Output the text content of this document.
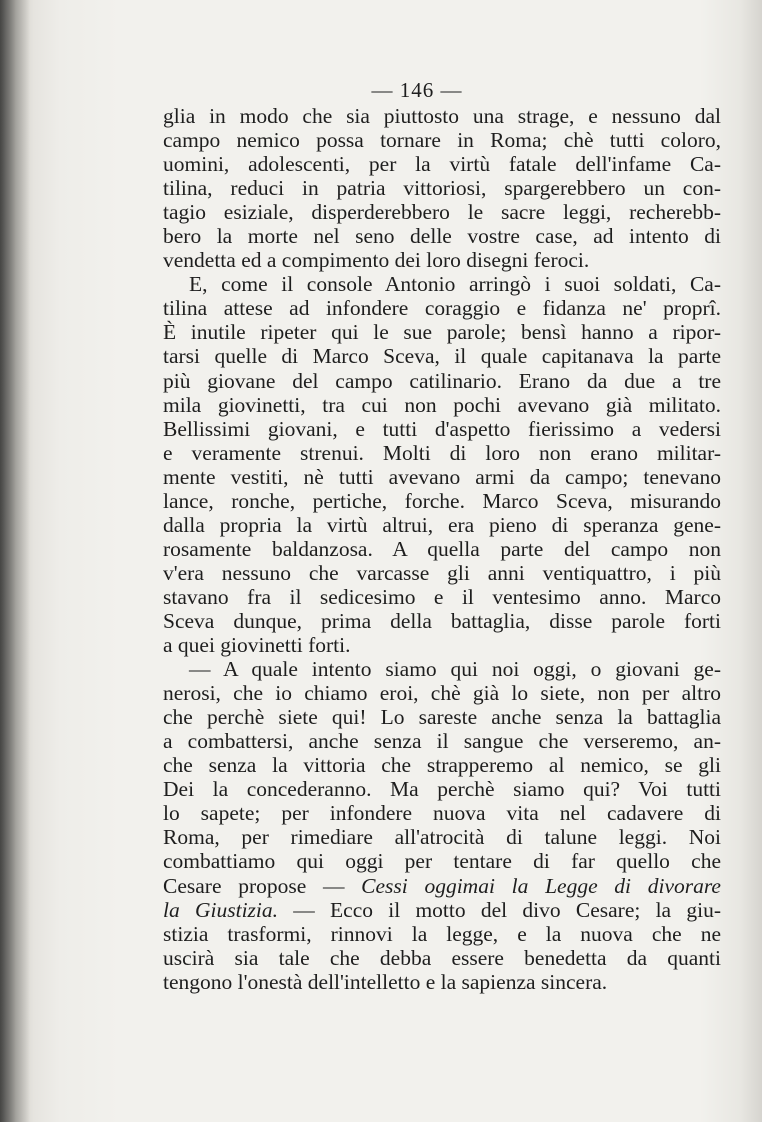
— 146 —
glia in modo che sia piuttosto una strage, e nessuno dal
campo nemico possa tornare in Roma; chè tutti coloro,
uomini, adolescenti, per la virtù fatale dell'infame Ca-
tilina, reduci in patria vittoriosi, spargerebbero un con-
tagio esiziale, disperderebbero le sacre leggi, recherebb-
bero la morte nel seno delle vostre case, ad intento di
vendetta ed a compimento dei loro disegni feroci.
E, come il console Antonio arringò i suoi soldati, Ca-
tilina attese ad infondere coraggio e fidanza ne' proprî.
È inutile ripeter qui le sue parole; bensì hanno a ripor-
tarsi quelle di Marco Sceva, il quale capitanava la parte
più giovane del campo catilinario. Erano da due a tre
mila giovinetti, tra cui non pochi avevano già militato.
Bellissimi giovani, e tutti d'aspetto fierissimo a vedersi
e veramente strenui. Molti di loro non erano militar-
mente vestiti, nè tutti avevano armi da campo; tenevano
lance, ronche, pertiche, forche. Marco Sceva, misurando
dalla propria la virtù altrui, era pieno di speranza gene-
rosamente baldanzosa. A quella parte del campo non
v'era nessuno che varcasse gli anni ventiquattro, i più
stavano fra il sedicesimo e il ventesimo anno. Marco
Sceva dunque, prima della battaglia, disse parole forti
a quei giovinetti forti.
— A quale intento siamo qui noi oggi, o giovani ge-
nerosi, che io chiamo eroi, chè già lo siete, non per altro
che perchè siete qui! Lo sareste anche senza la battaglia
a combattersi, anche senza il sangue che verseremo, an-
che senza la vittoria che strapperemo al nemico, se gli
Dei la concederanno. Ma perchè siamo qui? Voi tutti
lo sapete; per infondere nuova vita nel cadavere di
Roma, per rimediare all'atrocità di talune leggi. Noi
combattiamo qui oggi per tentare di far quello che
Cesare propose — Cessi oggimai la Legge di divorare
la Giustizia. — Ecco il motto del divo Cesare; la giu-
stizia trasformi, rinnovi la legge, e la nuova che ne
uscirà sia tale che debba essere benedetta da quanti
tengono l'onestà dell'intelletto e la sapienza sincera.
